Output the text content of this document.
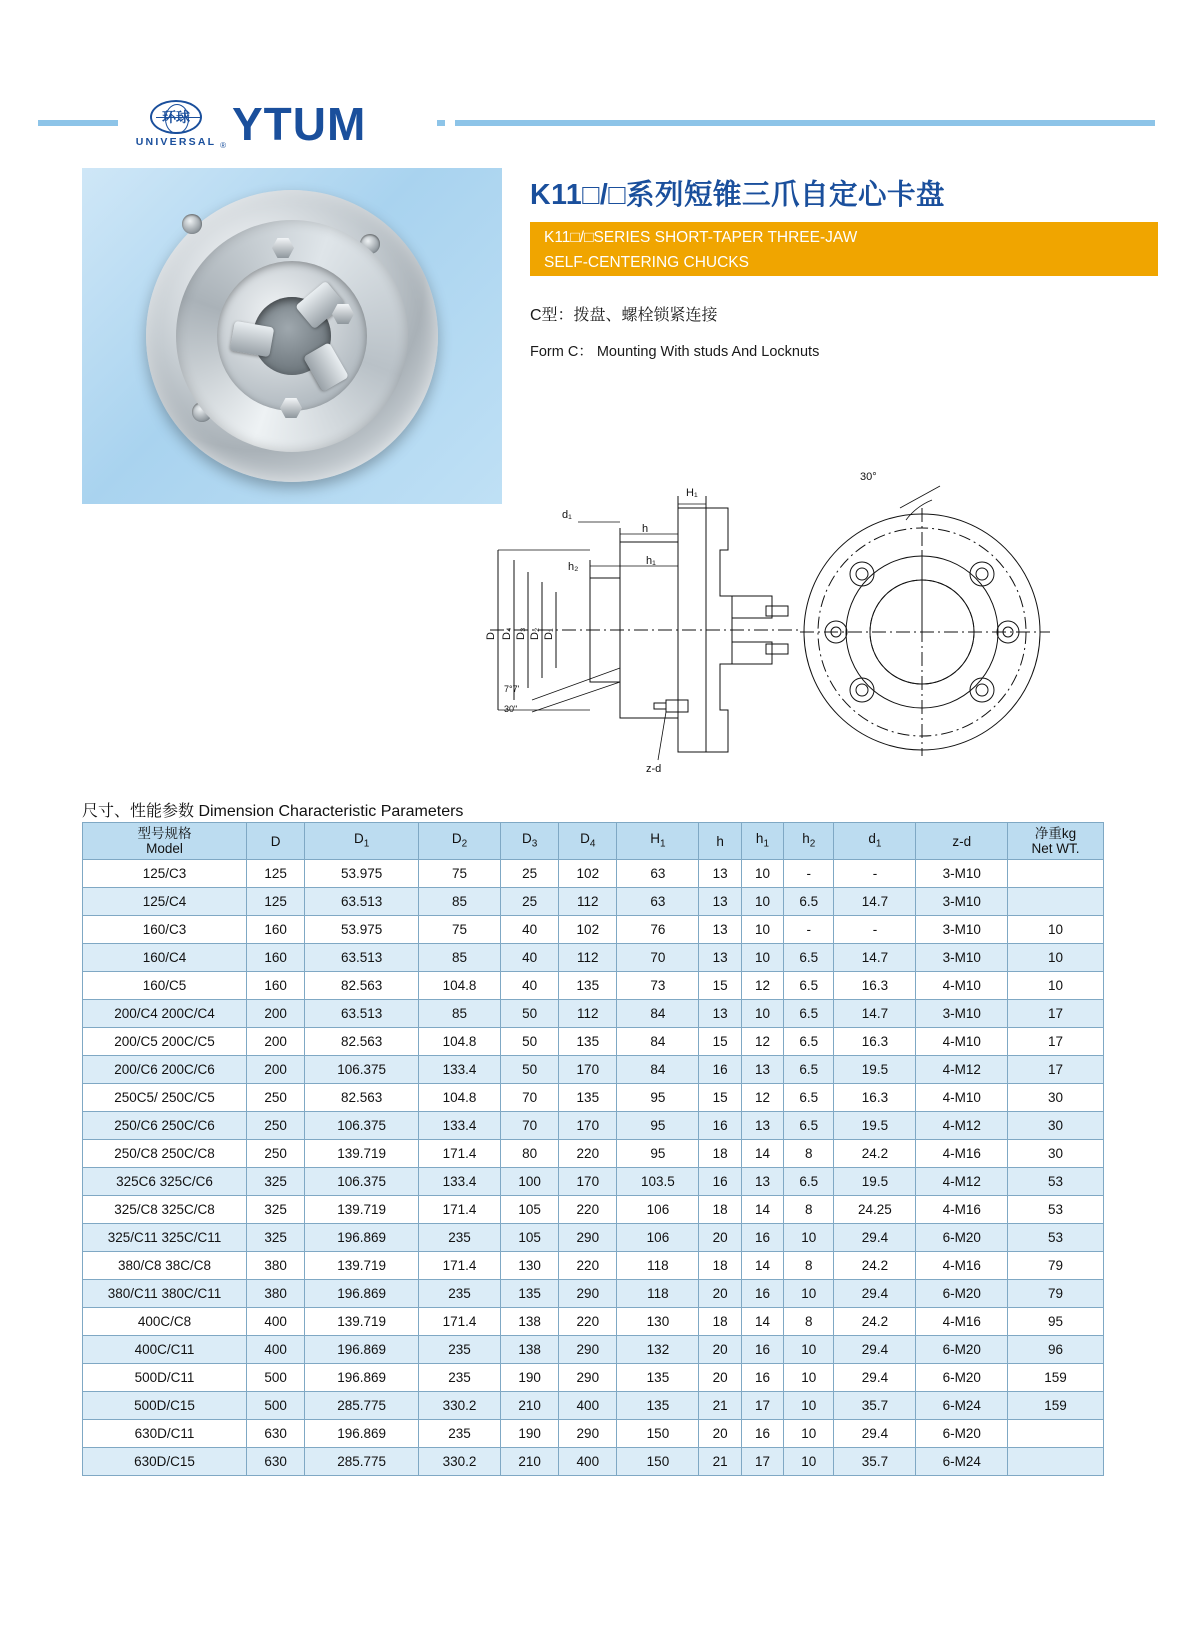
环球
UNIVERSAL ® YTUM
K11□/□系列短锥三爪自定心卡盘
K11□/□SERIES SHORT-TAPER THREE-JAW
SELF-CENTERING CHUCKS
C型：拨盘、螺栓锁紧连接
Form C： Mounting With studs And Locknuts
H₁
h
h₁
h₂
d₁
D D₄ D₃ D₂ D₁
7°7'
30"
z-d
30°
尺寸、性能参数 Dimension Characteristic Parameters
型号规格
Model	D	$D_1$	$D_2$	$D_3$	$D_4$	$H_1$	h	$h_1$	$h_2$	$d_1$	z-d	净重kg
Net WT.

125/C3	125	53.975	75	25	102	63	13	10	-	-	3-M10	
125/C4	125	63.513	85	25	112	63	13	10	6.5	14.7	3-M10	
160/C3	160	53.975	75	40	102	76	13	10	-	-	3-M10	10
160/C4	160	63.513	85	40	112	70	13	10	6.5	14.7	3-M10	10
160/C5	160	82.563	104.8	40	135	73	15	12	6.5	16.3	4-M10	10
200/C4 200C/C4	200	63.513	85	50	112	84	13	10	6.5	14.7	3-M10	17
200/C5 200C/C5	200	82.563	104.8	50	135	84	15	12	6.5	16.3	4-M10	17
200/C6 200C/C6	200	106.375	133.4	50	170	84	16	13	6.5	19.5	4-M12	17
250C5/ 250C/C5	250	82.563	104.8	70	135	95	15	12	6.5	16.3	4-M10	30
250/C6 250C/C6	250	106.375	133.4	70	170	95	16	13	6.5	19.5	4-M12	30
250/C8 250C/C8	250	139.719	171.4	80	220	95	18	14	8	24.2	4-M16	30
325C6 325C/C6	325	106.375	133.4	100	170	103.5	16	13	6.5	19.5	4-M12	53
325/C8 325C/C8	325	139.719	171.4	105	220	106	18	14	8	24.25	4-M16	53
325/C11 325C/C11	325	196.869	235	105	290	106	20	16	10	29.4	6-M20	53
380/C8 38C/C8	380	139.719	171.4	130	220	118	18	14	8	24.2	4-M16	79
380/C11 380C/C11	380	196.869	235	135	290	118	20	16	10	29.4	6-M20	79
400C/C8	400	139.719	171.4	138	220	130	18	14	8	24.2	4-M16	95
400C/C11	400	196.869	235	138	290	132	20	16	10	29.4	6-M20	96
500D/C11	500	196.869	235	190	290	135	20	16	10	29.4	6-M20	159
500D/C15	500	285.775	330.2	210	400	135	21	17	10	35.7	6-M24	159
630D/C11	630	196.869	235	190	290	150	20	16	10	29.4	6-M20	
630D/C15	630	285.775	330.2	210	400	150	21	17	10	35.7	6-M24	
